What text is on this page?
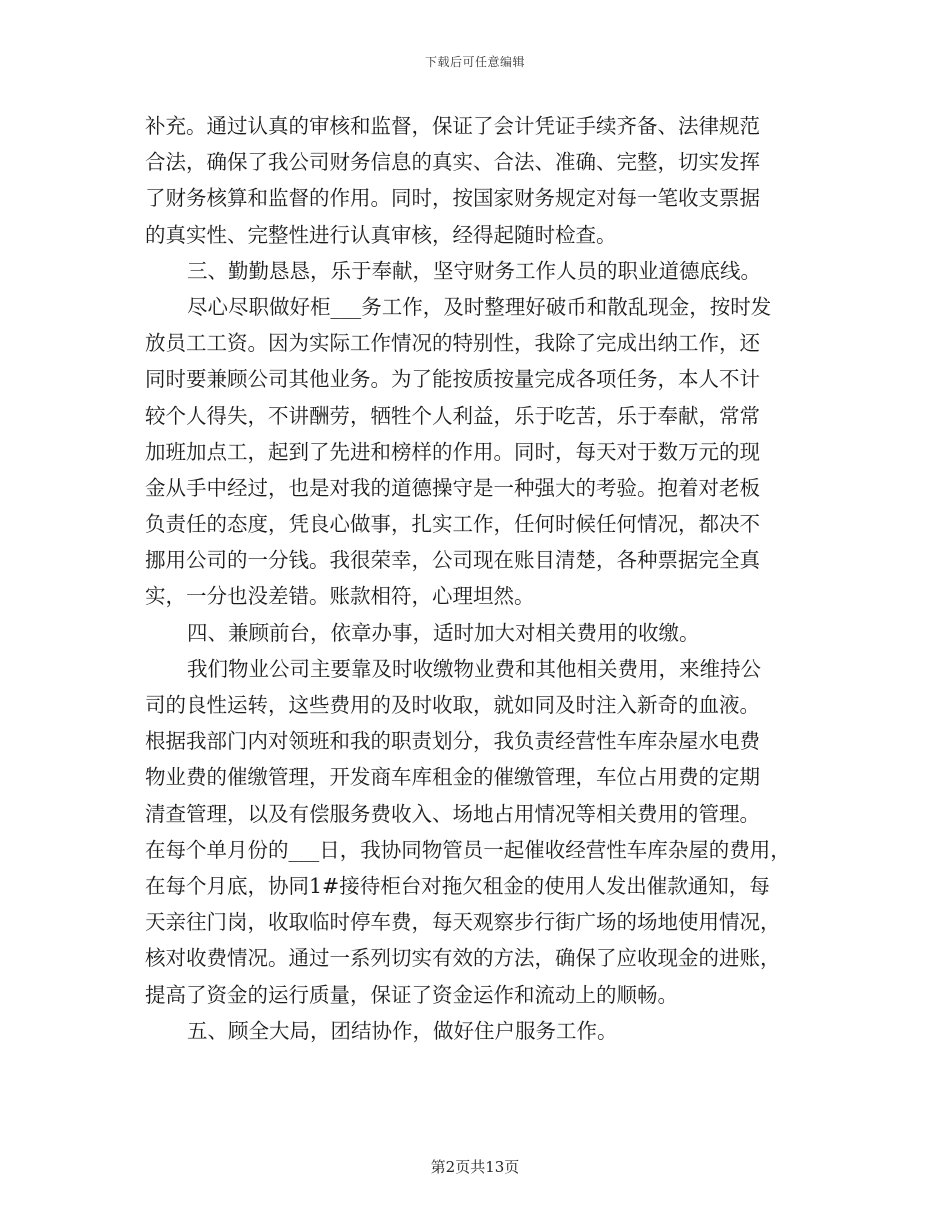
下载后可任意编辑
补充。通过认真的审核和监督，保证了会计凭证手续齐备、法律规范
合法，确保了我公司财务信息的真实、合法、准确、完整，切实发挥
了财务核算和监督的作用。同时，按国家财务规定对每一笔收支票据
的真实性、完整性进行认真审核，经得起随时检查。
三、勤勤恳恳，乐于奉献，坚守财务工作人员的职业道德底线。
尽心尽职做好柜___务工作，及时整理好破币和散乱现金，按时发
放员工工资。因为实际工作情况的特别性，我除了完成出纳工作，还
同时要兼顾公司其他业务。为了能按质按量完成各项任务，本人不计
较个人得失，不讲酬劳，牺牲个人利益，乐于吃苦，乐于奉献，常常
加班加点工，起到了先进和榜样的作用。同时，每天对于数万元的现
金从手中经过，也是对我的道德操守是一种强大的考验。抱着对老板
负责任的态度，凭良心做事，扎实工作，任何时候任何情况，都决不
挪用公司的一分钱。我很荣幸，公司现在账目清楚，各种票据完全真
实，一分也没差错。账款相符，心理坦然。
四、兼顾前台，依章办事，适时加大对相关费用的收缴。
我们物业公司主要靠及时收缴物业费和其他相关费用，来维持公
司的良性运转，这些费用的及时收取，就如同及时注入新奇的血液。
根据我部门内对领班和我的职责划分，我负责经营性车库杂屋水电费
物业费的催缴管理，开发商车库租金的催缴管理，车位占用费的定期
清查管理，以及有偿服务费收入、场地占用情况等相关费用的管理。
在每个单月份的___日，我协同物管员一起催收经营性车库杂屋的费用，
在每个月底，协同1#接待柜台对拖欠租金的使用人发出催款通知，每
天亲往门岗，收取临时停车费，每天观察步行街广场的场地使用情况，
核对收费情况。通过一系列切实有效的方法，确保了应收现金的进账，
提高了资金的运行质量，保证了资金运作和流动上的顺畅。
五、顾全大局，团结协作，做好住户服务工作。
第2页共13页
